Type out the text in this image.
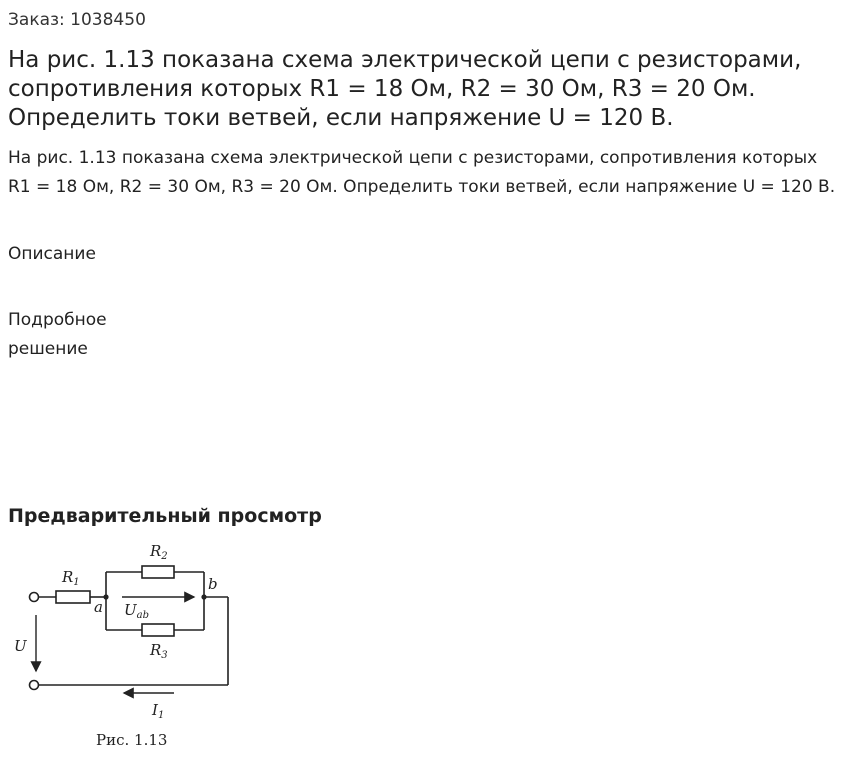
Заказ: 1038450
На рис. 1.13 показана схема электрической цепи с резисторами, сопротивления которых R1 = 18 Ом, R2 = 30 Ом, R3 = 20 Ом. Определить токи ветвей, если напряжение U = 120 В.

На рис. 1.13 показана схема электрической цепи с резисторами, сопротивления которых R1 = 18 Ом, R2 = 30 Ом, R3 = 20 Ом. Определить токи ветвей, если напряжение U = 120 В.

Описание
Подробное решение
Предварительный просмотр
$R_1$
$R_2$
$R_3$
a
b
U
$U_{ab}$
$I_1$
Рис. 1.13
